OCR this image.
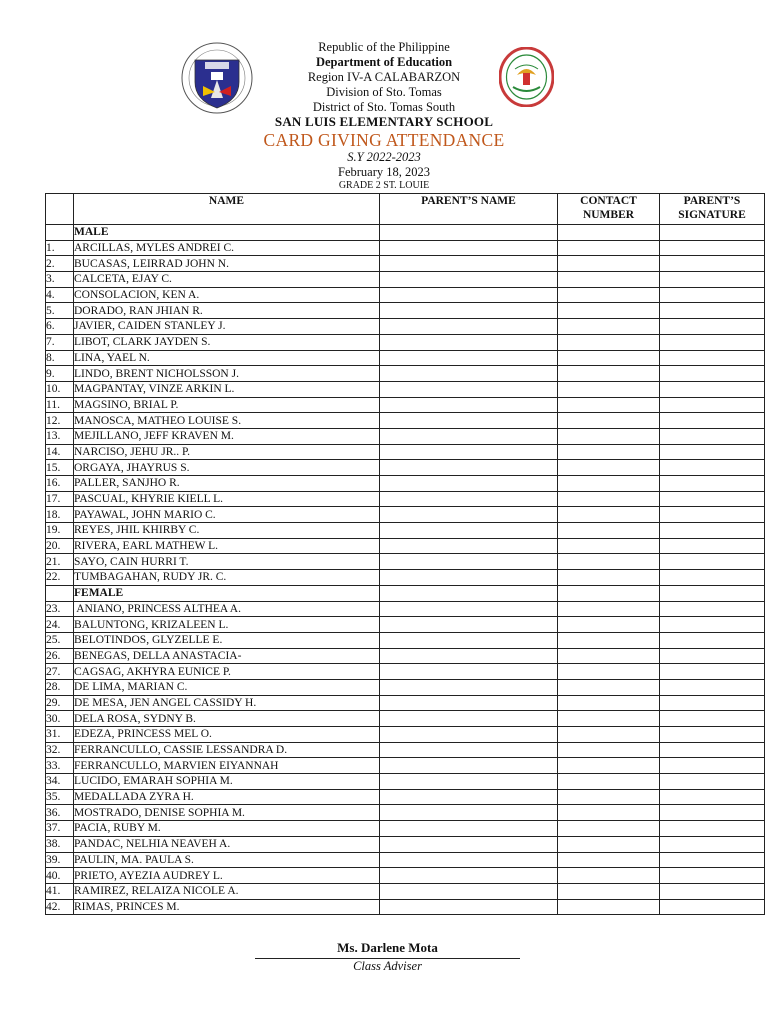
Republic of the Philippine
Department of Education
Region IV-A CALABARZON
Division of Sto. Tomas
District of Sto. Tomas South
SAN LUIS ELEMENTARY SCHOOL
CARD GIVING ATTENDANCE
S.Y 2022-2023
February 18, 2023
GRADE 2 ST. LOUIE
	NAME	PARENT’S NAME	CONTACT NUMBER	PARENT’S SIGNATURE
	MALE			
1.	ARCILLAS, MYLES ANDREI C.			
2.	BUCASAS, LEIRRAD JOHN N.			
3.	CALCETA, EJAY C.			
4.	CONSOLACION, KEN A.			
5.	DORADO, RAN JHIAN R.			
6.	JAVIER, CAIDEN STANLEY J.			
7.	LIBOT, CLARK JAYDEN S.			
8.	LINA, YAEL N.			
9.	LINDO, BRENT NICHOLSSON J.			
10.	MAGPANTAY, VINZE ARKIN L.			
11.	MAGSINO, BRIAL P.			
12.	MANOSCA, MATHEO LOUISE S.			
13.	MEJILLANO, JEFF KRAVEN M.			
14.	NARCISO, JEHU JR.. P.			
15.	ORGAYA, JHAYRUS S.			
16.	PALLER, SANJHO R.			
17.	PASCUAL, KHYRIE KIELL L.			
18.	PAYAWAL, JOHN MARIO C.			
19.	REYES, JHIL KHIRBY C.			
20.	RIVERA, EARL MATHEW L.			
21.	SAYO, CAIN HURRI T.			
22.	TUMBAGAHAN, RUDY JR. C.			
	FEMALE			
23.	ANIANO, PRINCESS ALTHEA A.			
24.	BALUNTONG, KRIZALEEN L.			
25.	BELOTINDOS, GLYZELLE E.			
26.	BENEGAS, DELLA ANASTACIA-			
27.	CAGSAG, AKHYRA EUNICE P.			
28.	DE LIMA, MARIAN C.			
29.	DE MESA, JEN ANGEL CASSIDY H.			
30.	DELA ROSA, SYDNY B.			
31.	EDEZA, PRINCESS MEL O.			
32.	FERRANCULLO, CASSIE LESSANDRA D.			
33.	FERRANCULLO, MARVIEN EIYANNAH			
34.	LUCIDO, EMARAH SOPHIA M.			
35.	MEDALLADA ZYRA H.			
36.	MOSTRADO, DENISE SOPHIA M.			
37.	PACIA, RUBY M.			
38.	PANDAC, NELHIA NEAVEH A.			
39.	PAULIN, MA. PAULA S.			
40.	PRIETO, AYEZIA AUDREY L.			
41.	RAMIREZ, RELAIZA NICOLE A.			
42.	RIMAS, PRINCES M.			
Ms. Darlene Mota
Class Adviser
